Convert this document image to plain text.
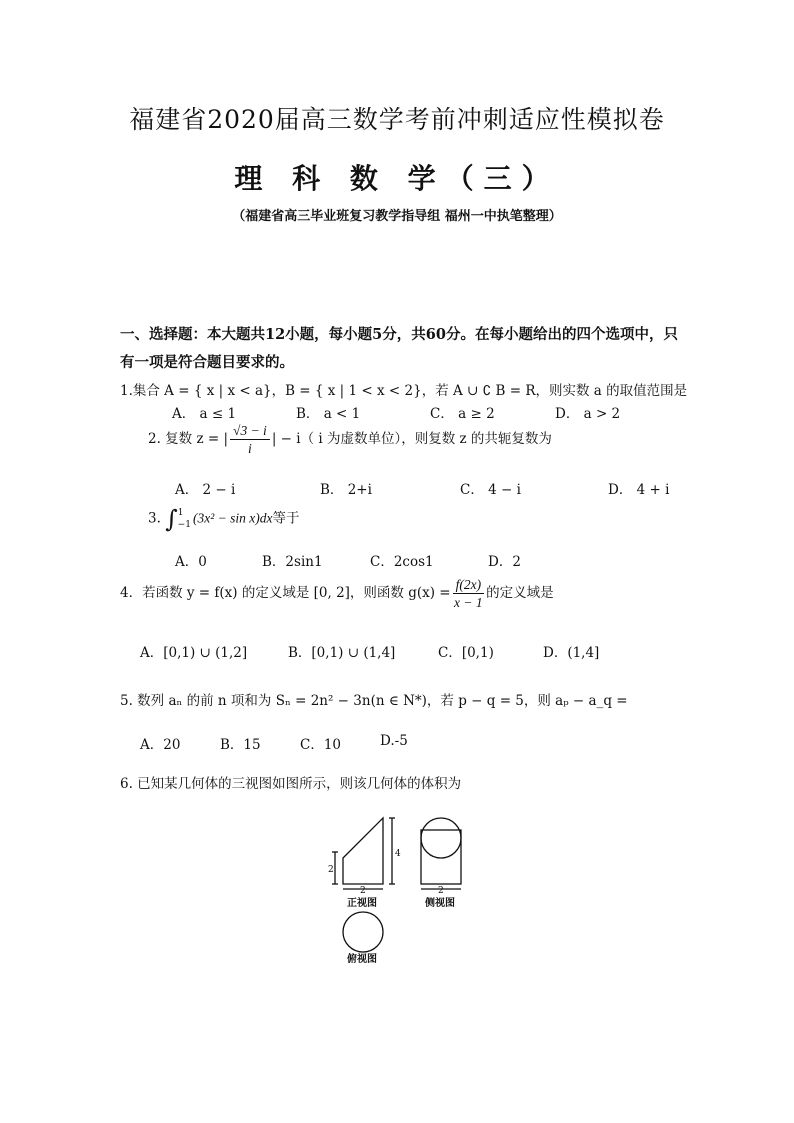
福建省2020届高三数学考前冲刺适应性模拟卷
理 科 数 学（三）
（福建省高三毕业班复习教学指导组 福州一中执笔整理）
一、选择题：本大题共12小题，每小题5分，共60分。在每小题给出的四个选项中，只
有一项是符合题目要求的。
1.集合 A = { x | x < a}，B = { x | 1 < x < 2}，若 A ∪ ∁ B = R，则实数 a 的取值范围是
A． a ≤ 1	B． a < 1	C． a ≥ 2	D． a > 2
2. 复数 z = | $\frac{√3 - i}{i}$ | − i（ i 为虚数单位），则复数 z 的共轭复数为
A． 2 − i	B． 2+i	C． 4 − i	D． 4 + i
3. ∫ 1
−1 (3x² − sin x)dx等于
A．0	B．2sin1	C．2cos1	D．2
4．若函数 y = f(x) 的定义域是 [0, 2]，则函数 $g(x) = \frac{f(2x)}{x - 1}$ 的定义域是
A．[0,1) ∪ (1,2]	B．[0,1) ∪ (1,4]	C．[0,1)	D．(1,4]
5. 数列 aₙ 的前 n 项和为 Sₙ = 2n² − 3n(n ∈ N*)，若 p − q = 5，则 aₚ − a_q =
A．20	B．15	C．10	D.-5
6. 已知某几何体的三视图如图所示，则该几何体的体积为
2
4
2	2
正视图	侧视图
俯视图
